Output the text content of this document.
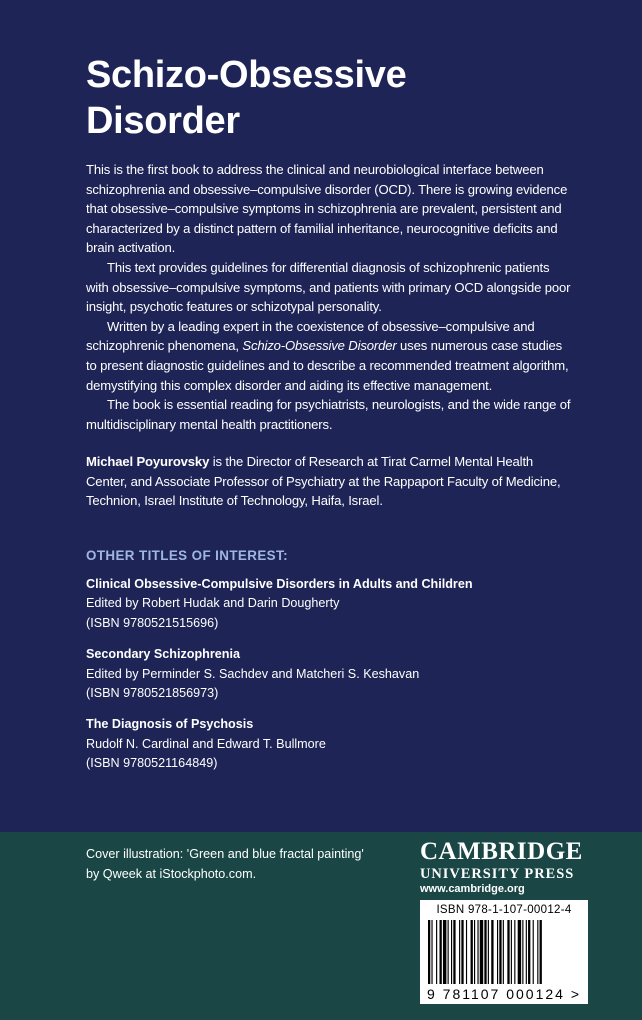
Schizo-Obsessive
Disorder

This is the first book to address the clinical and neurobiological interface between schizophrenia and obsessive–compulsive disorder (OCD). There is growing evidence that obsessive–compulsive symptoms in schizophrenia are prevalent, persistent and characterized by a distinct pattern of familial inheritance, neurocognitive deficits and brain activation.

This text provides guidelines for differential diagnosis of schizophrenic patients with obsessive–compulsive symptoms, and patients with primary OCD alongside poor insight, psychotic features or schizotypal personality.

Written by a leading expert in the coexistence of obsessive–compulsive and schizophrenic phenomena, Schizo-Obsessive Disorder uses numerous case studies to present diagnostic guidelines and to describe a recommended treatment algorithm, demystifying this complex disorder and aiding its effective management.

The book is essential reading for psychiatrists, neurologists, and the wide range of multidisciplinary mental health practitioners.

Michael Poyurovsky is the Director of Research at Tirat Carmel Mental Health Center, and Associate Professor of Psychiatry at the Rappaport Faculty of Medicine, Technion, Israel Institute of Technology, Haifa, Israel.

OTHER TITLES OF INTEREST:
Clinical Obsessive-Compulsive Disorders in Adults and Children
Edited by Robert Hudak and Darin Dougherty
(ISBN 9780521515696)
Secondary Schizophrenia
Edited by Perminder S. Sachdev and Matcheri S. Keshavan
(ISBN 9780521856973)
The Diagnosis of Psychosis
Rudolf N. Cardinal and Edward T. Bullmore
(ISBN 9780521164849)
Cover illustration: 'Green and blue fractal painting'
by Qweek at iStockphoto.com.
CAMBRIDGE
UNIVERSITY PRESS
www.cambridge.org
ISBN 978-1-107-00012-4
9 781107 000124 >
